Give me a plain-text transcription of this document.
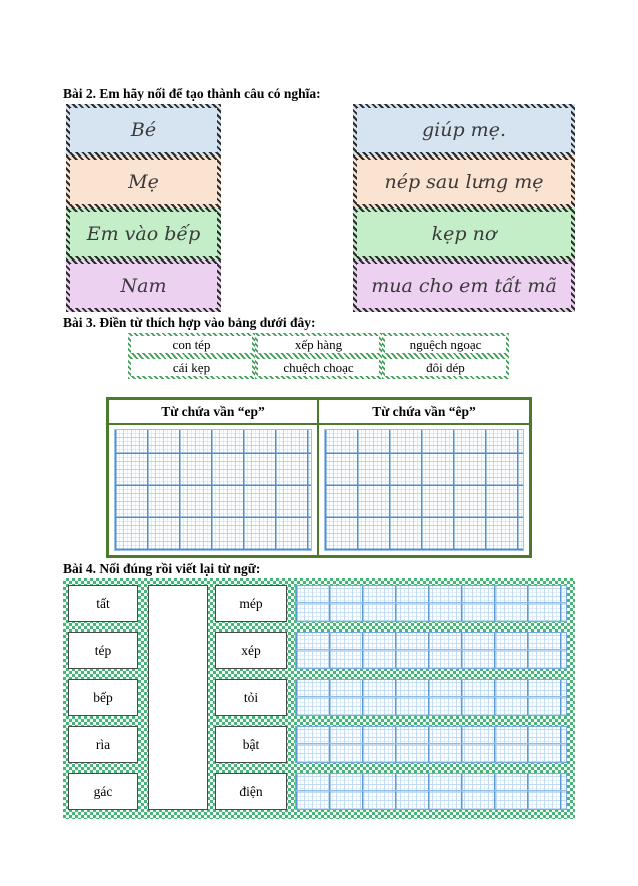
Bài 2. Em hãy nối để tạo thành câu có nghĩa:
Bé
Mẹ
Em vào bếp
Nam
giúp mẹ.
nép sau lưng mẹ
kẹp nơ
mua cho em tất mã
Bài 3. Điền từ thích hợp vào bảng dưới đây:
con tép	xếp hàng	nguệch ngoạc
cái kẹp	chuệch choạc	đôi dép
Từ chứa vần “ep”	Từ chứa vần “êp”
Bài 4. Nối đúng rồi viết lại từ ngữ:
tất
tép
bếp
rìa
gác
mép
xép
tỏi
bật
điện
